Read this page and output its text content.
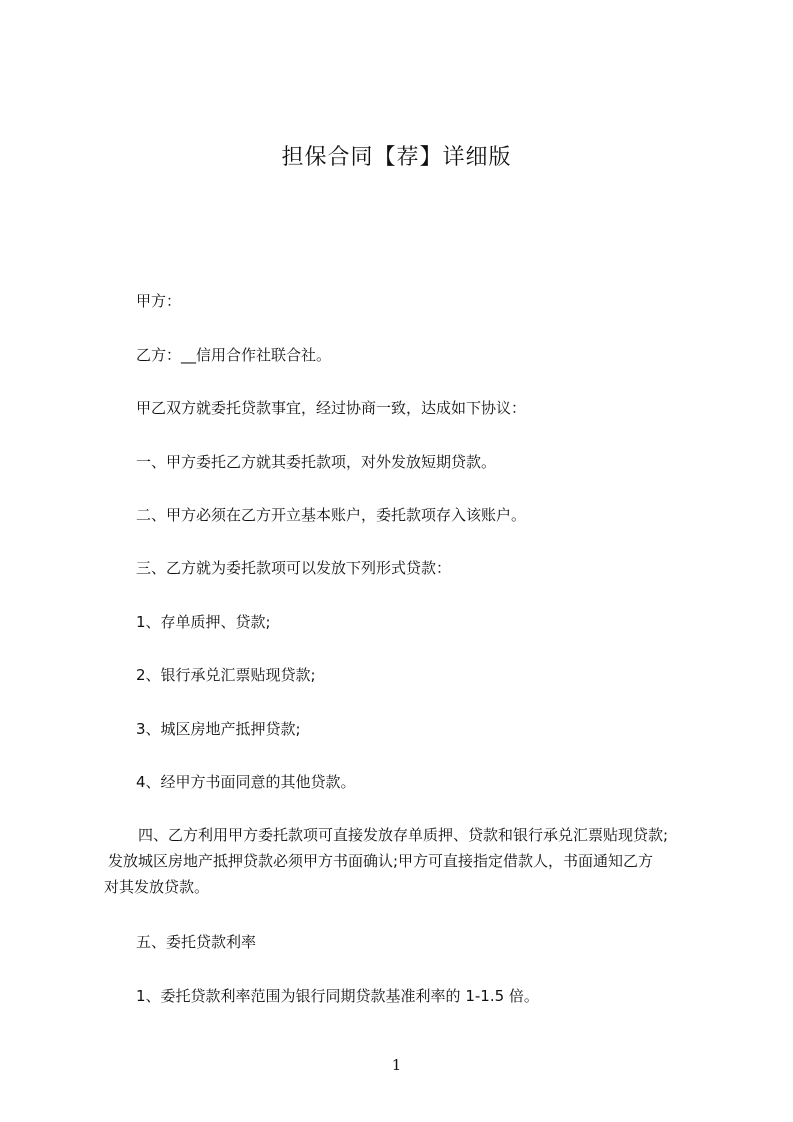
担保合同【荐】详细版
甲方：
乙方：__信用合作社联合社。
甲乙双方就委托贷款事宜，经过协商一致，达成如下协议：
一、甲方委托乙方就其委托款项，对外发放短期贷款。
二、甲方必须在乙方开立基本账户，委托款项存入该账户。
三、乙方就为委托款项可以发放下列形式贷款：
1、存单质押、贷款;
2、银行承兑汇票贴现贷款;
3、城区房地产抵押贷款;
4、经甲方书面同意的其他贷款。
四、乙方利用甲方委托款项可直接发放存单质押、贷款和银行承兑汇票贴现贷款;
发放城区房地产抵押贷款必须甲方书面确认;甲方可直接指定借款人，书面通知乙方
对其发放贷款。
五、委托贷款利率
1、委托贷款利率范围为银行同期贷款基准利率的 1-1.5 倍。
1
